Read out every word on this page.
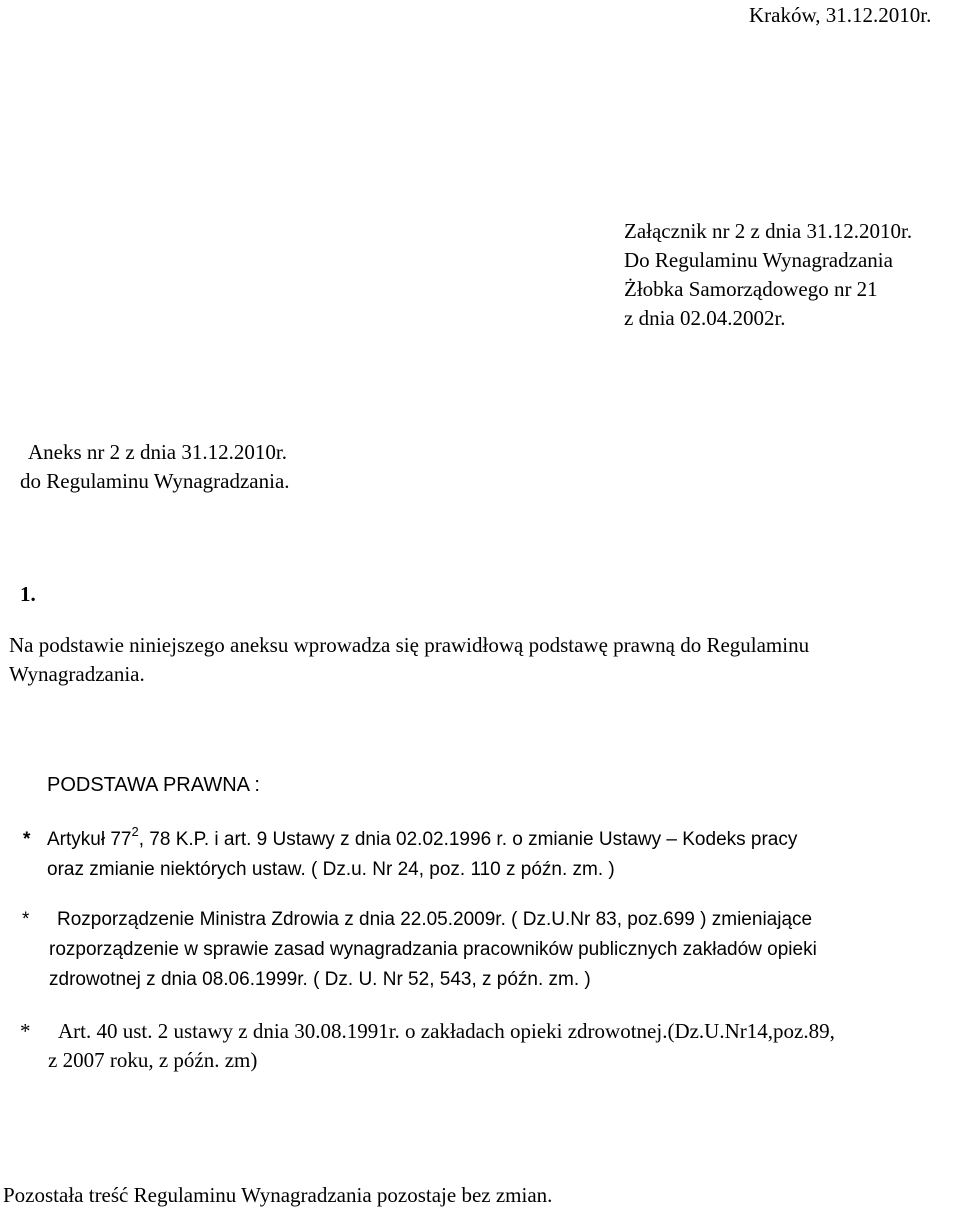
Kraków, 31.12.2010r.
Załącznik nr 2 z dnia 31.12.2010r.
Do Regulaminu Wynagradzania
Żłobka Samorządowego nr 21
z dnia 02.04.2002r.
Aneks nr 2 z dnia 31.12.2010r.
do Regulaminu Wynagradzania.
1.
Na podstawie niniejszego aneksu wprowadza się prawidłową podstawę prawną do Regulaminu
Wynagradzania.
PODSTAWA PRAWNA :
* Artykuł $77^2$, 78 K.P. i art. 9 Ustawy z dnia 02.02.1996 r. o zmianie Ustawy – Kodeks pracy
oraz zmianie niektórych ustaw. ( Dz.u. Nr 24, poz. 110 z późn. zm. )
* Rozporządzenie Ministra Zdrowia z dnia 22.05.2009r. ( Dz.U.Nr 83, poz.699 ) zmieniające
rozporządzenie w sprawie zasad wynagradzania pracowników publicznych zakładów opieki
zdrowotnej z dnia 08.06.1999r. ( Dz. U. Nr 52, 543, z późn. zm. )
* Art. 40 ust. 2 ustawy z dnia 30.08.1991r. o zakładach opieki zdrowotnej.(Dz.U.Nr14,poz.89,
z 2007 roku, z późn. zm)
Pozostała treść Regulaminu Wynagradzania pozostaje bez zmian.
